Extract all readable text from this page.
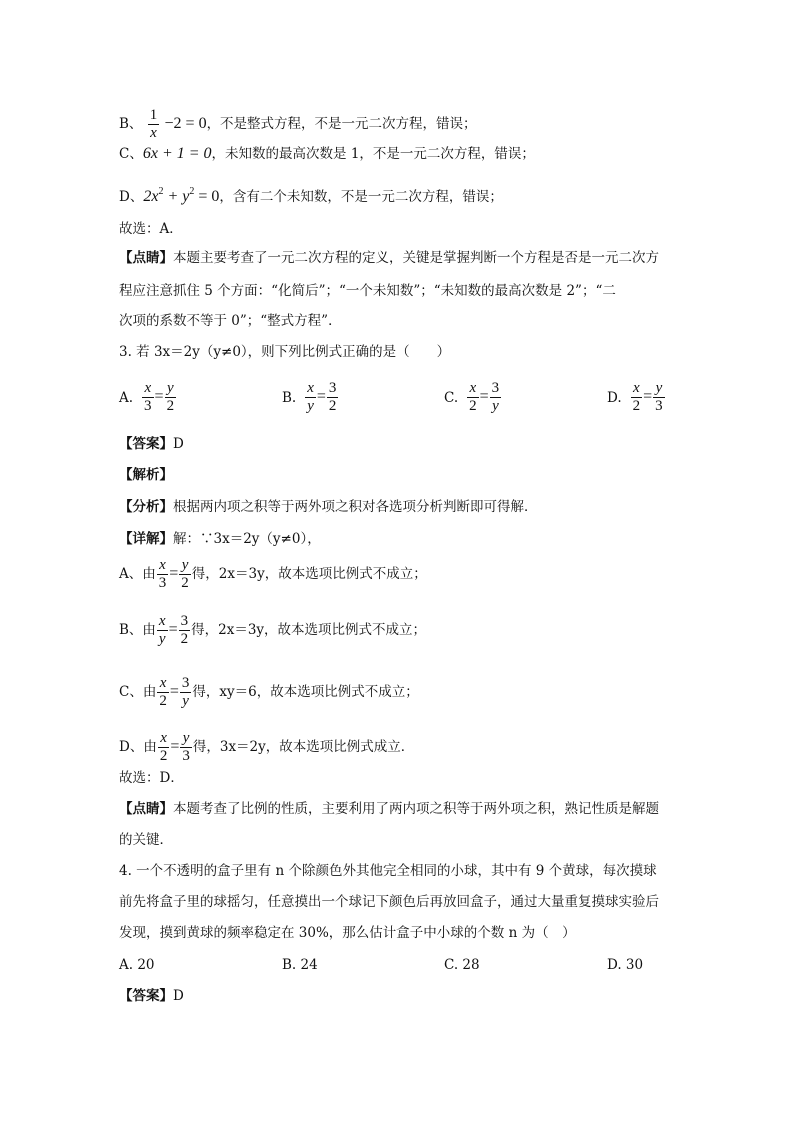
B、 $\frac{1}{x} -2 = 0$，不是整式方程，不是一元二次方程，错误；
C、6x + 1 = 0，未知数的最高次数是 1，不是一元二次方程，错误；
D、$2x^2 + y^2 = 0$，含有二个未知数，不是一元二次方程，错误；
故选：A．
【点睛】本题主要考查了一元二次方程的定义，关键是掌握判断一个方程是否是一元二次方
程应注意抓住 5 个方面：“化简后”；“一个未知数”；“未知数的最高次数是 2”；“二
次项的系数不等于 0”；“整式方程”．
3. 若 3x＝2y（y≠0），则下列比例式正确的是（　　）
A. $\frac{x}{3} = \frac{y}{2}$	B. $\frac{x}{y} = \frac{3}{2}$	C. $\frac{x}{2} = \frac{3}{y}$	D. $\frac{x}{2} = \frac{y}{3}$
【答案】D
【解析】
【分析】根据两内项之积等于两外项之积对各选项分析判断即可得解．
【详解】解：∵3x＝2y（y≠0），
A、由 $\frac{x}{3} = \frac{y}{2}$ 得，2x＝3y，故本选项比例式不成立；
B、由 $\frac{x}{y} = \frac{3}{2}$ 得，2x＝3y，故本选项比例式不成立；
C、由 $\frac{x}{2} = \frac{3}{y}$ 得，xy＝6，故本选项比例式不成立；
D、由 $\frac{x}{2} = \frac{y}{3}$ 得，3x＝2y，故本选项比例式成立．
故选：D．
【点睛】本题考查了比例的性质，主要利用了两内项之积等于两外项之积，熟记性质是解题
的关键．
4. 一个不透明的盒子里有 n 个除颜色外其他完全相同的小球，其中有 9 个黄球，每次摸球
前先将盒子里的球摇匀，任意摸出一个球记下颜色后再放回盒子，通过大量重复摸球实验后
发现，摸到黄球的频率稳定在 30%，那么估计盒子中小球的个数 n 为（　）
A. 20	B. 24	C. 28	D. 30
【答案】D
